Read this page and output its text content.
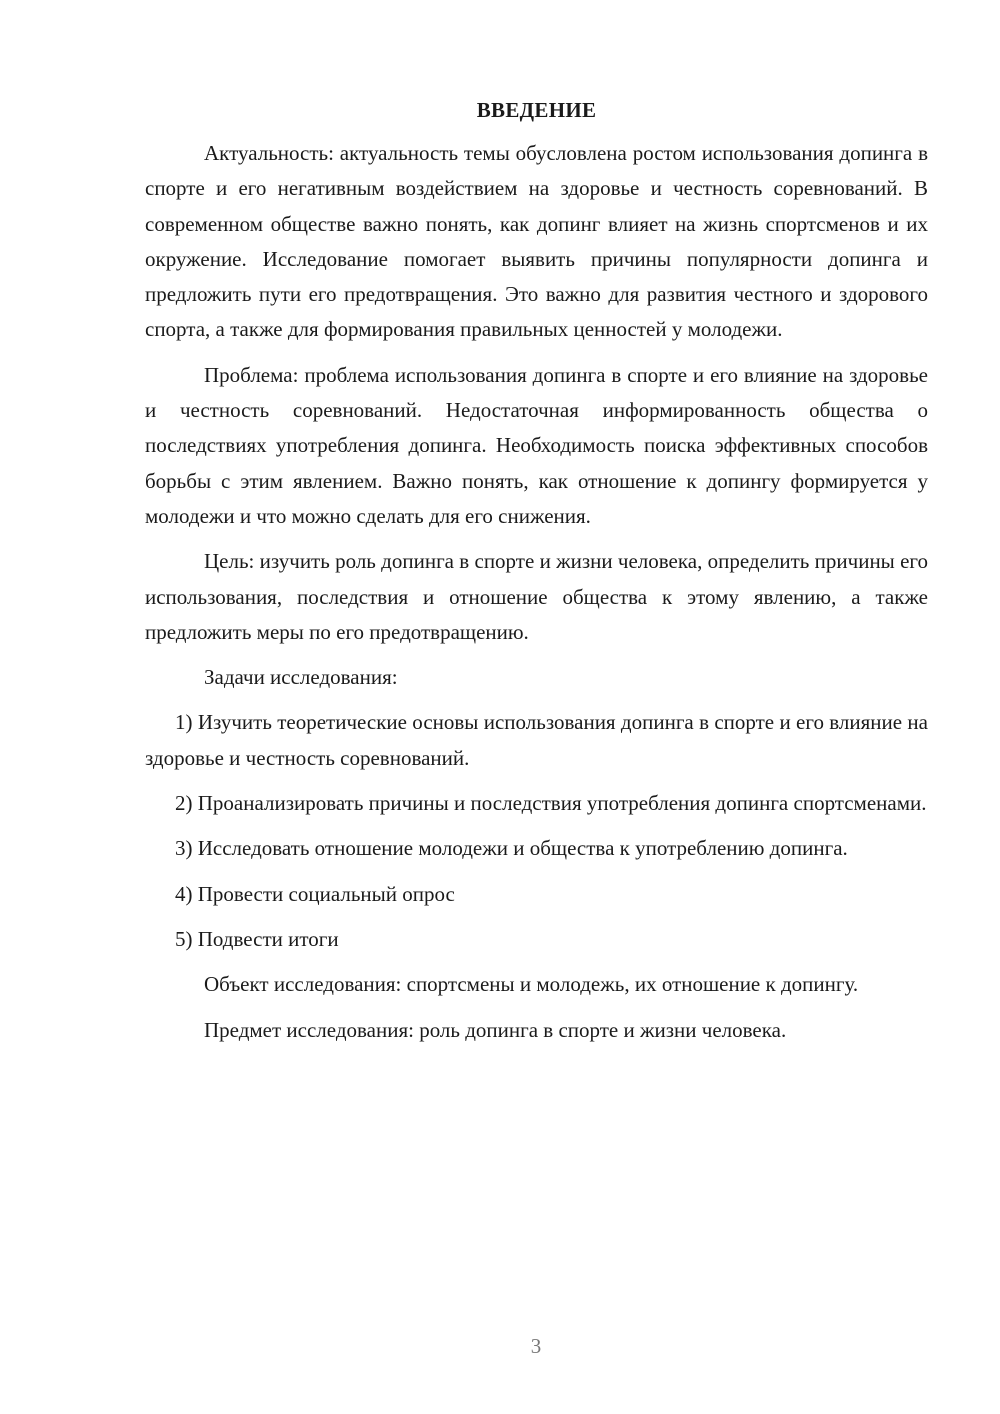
ВВЕДЕНИЕ

Актуальность: актуальность темы обусловлена ростом использования допинга в спорте и его негативным воздействием на здоровье и честность соревнований. В современном обществе важно понять, как допинг влияет на жизнь спортсменов и их окружение. Исследование помогает выявить причины популярности допинга и предложить пути его предотвращения. Это важно для развития честного и здорового спорта, а также для формирования правильных ценностей у молодежи.

Проблема: проблема использования допинга в спорте и его влияние на здоровье и честность соревнований. Недостаточная информированность общества о последствиях употребления допинга. Необходимость поиска эффективных способов борьбы с этим явлением. Важно понять, как отношение к допингу формируется у молодежи и что можно сделать для его снижения.

Цель: изучить роль допинга в спорте и жизни человека, определить причины его использования, последствия и отношение общества к этому явлению, а также предложить меры по его предотвращению.

Задачи исследования:

1) Изучить теоретические основы использования допинга в спорте и его влияние на здоровье и честность соревнований.

2) Проанализировать причины и последствия употребления допинга спортсменами.

3) Исследовать отношение молодежи и общества к употреблению допинга.

4) Провести социальный опрос

5) Подвести итоги

Объект исследования: спортсмены и молодежь, их отношение к допингу.

Предмет исследования: роль допинга в спорте и жизни человека.

3
